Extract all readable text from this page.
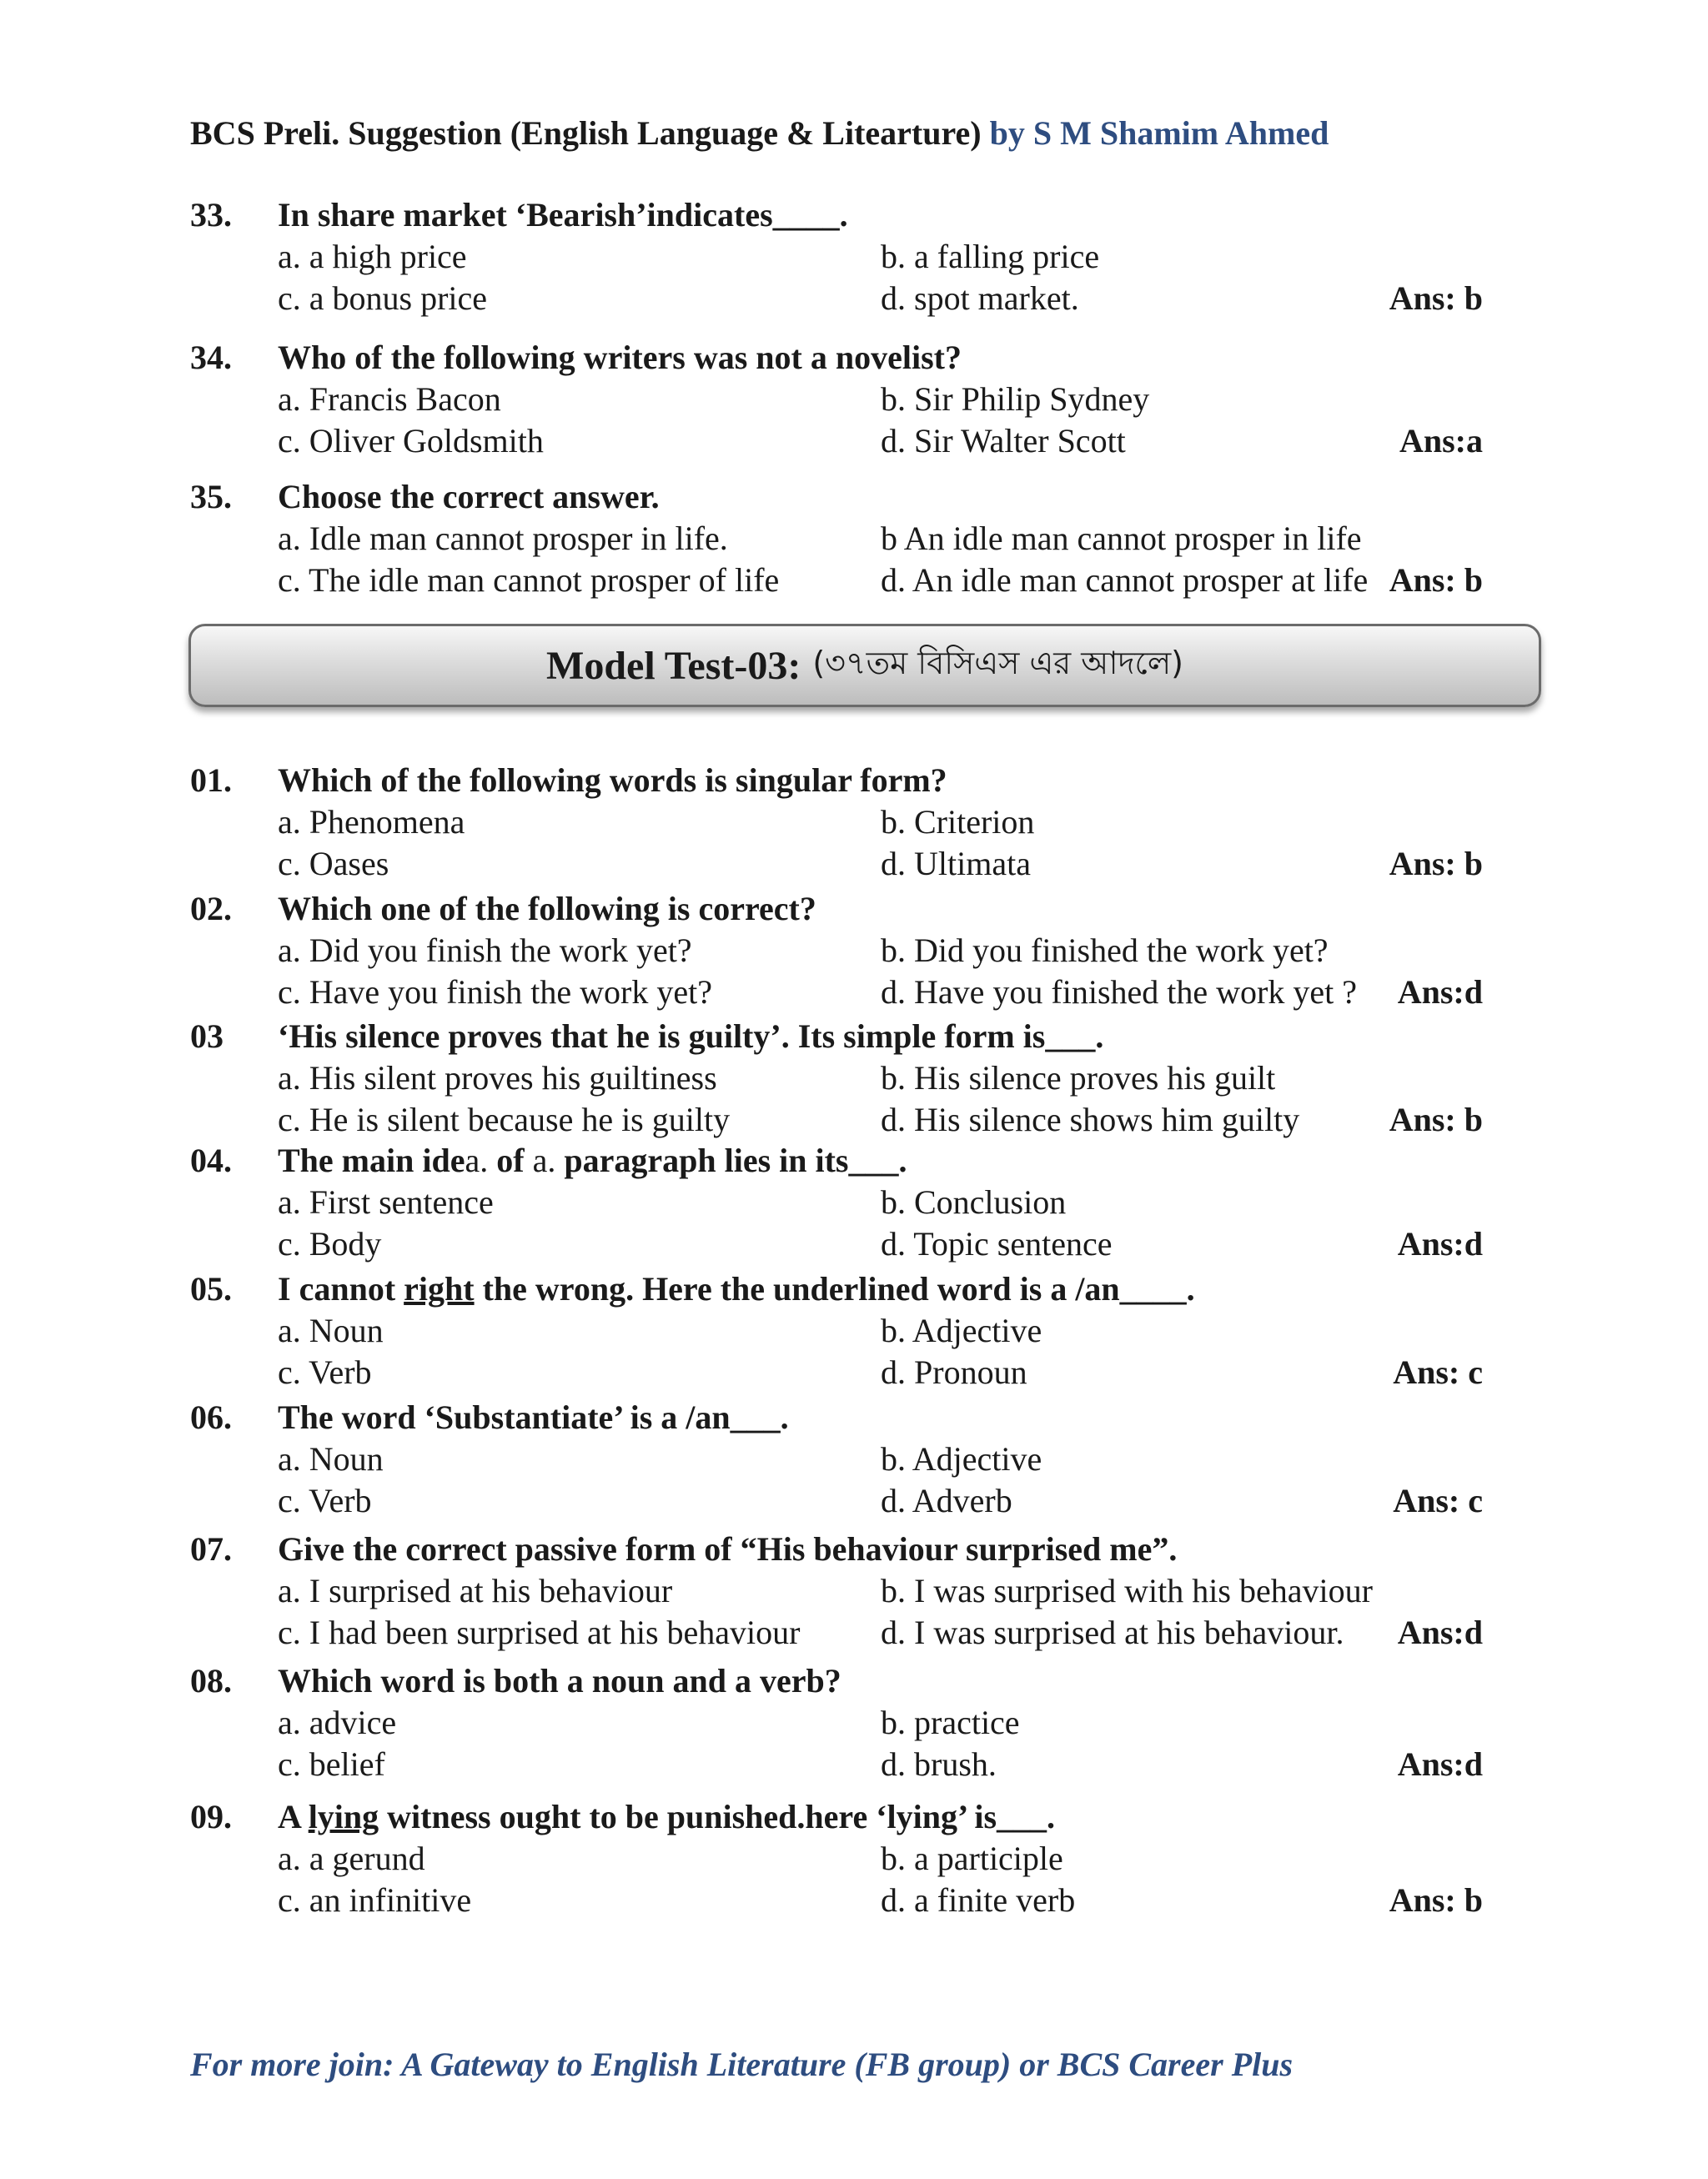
BCS Preli. Suggestion (English Language & Litearture) by S M Shamim Ahmed
33. In share market ‘Bearish’indicates____.
a. a high price	b. a falling price
c. a bonus price	d. spot market.	Ans: b
34. Who of the following writers was not a novelist?
a. Francis Bacon	b. Sir Philip Sydney
c. Oliver Goldsmith	d. Sir Walter Scott	Ans:a
35. Choose the correct answer.
a. Idle man cannot prosper in life.	b An idle man cannot prosper in life
c. The idle man cannot prosper of life	d. An idle man cannot prosper at life Ans: b
Model Test-03: (৩৭তম বিসিএস এর আদলে)
01. Which of the following words is singular form?
a. Phenomena	b. Criterion
c. Oases	d. Ultimata	Ans: b
02. Which one of the following is correct?
a. Did you finish the work yet?	b. Did you finished the work yet?
c. Have you finish the work yet?	d. Have you finished the work yet ? Ans:d
03 ‘His silence proves that he is guilty’. Its simple form is___.
a. His silent proves his guiltiness	b. His silence proves his guilt
c. He is silent because he is guilty	d. His silence shows him guilty	Ans: b
04. The main idea. of a. paragraph lies in its___.
a. First sentence	b. Conclusion
c. Body	d. Topic sentence	Ans:d
05. I cannot right the wrong. Here the underlined word is a /an____.
a. Noun	b. Adjective
c. Verb	d. Pronoun	Ans: c
06. The word ‘Substantiate’ is a /an___.
a. Noun	b. Adjective
c. Verb	d. Adverb	Ans: c
07. Give the correct passive form of “His behaviour surprised me”.
a. I surprised at his behaviour	b. I was surprised with his behaviour
c. I had been surprised at his behaviour d. I was surprised at his behaviour. Ans:d
08. Which word is both a noun and a verb?
a. advice	b. practice
c. belief	d. brush.	Ans:d
09. A lying witness ought to be punished.here ‘lying’ is___.
a. a gerund	b. a participle
c. an infinitive	d. a finite verb	Ans: b
For more join: A Gateway to English Literature (FB group) or BCS Career Plus
